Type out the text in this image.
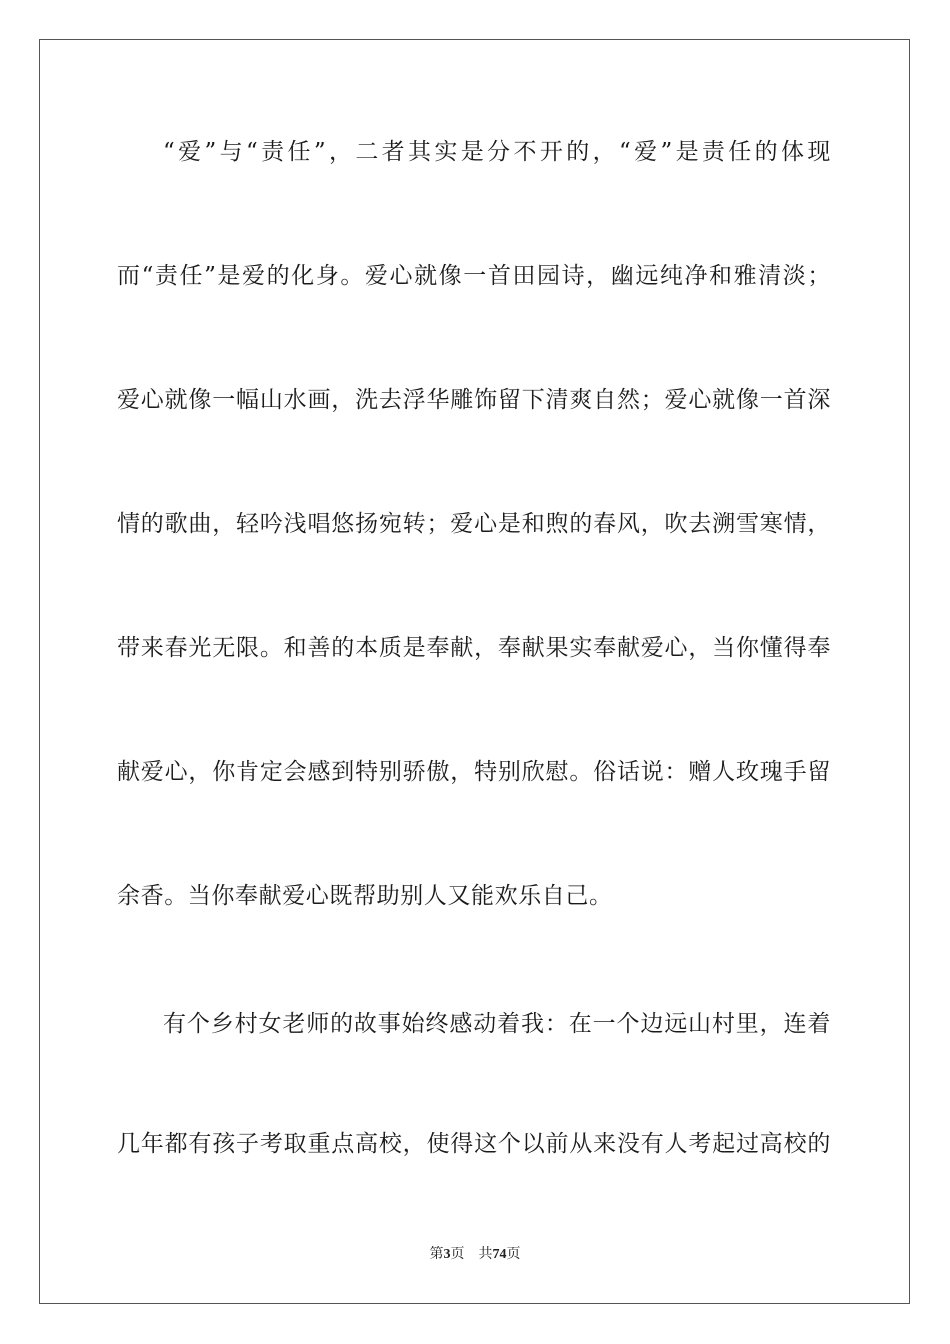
“爱”与“责任”，二者其实是分不开的，“爱”是责任的体现
而“责任”是爱的化身。爱心就像一首田园诗，幽远纯净和雅清淡；
爱心就像一幅山水画，洗去浮华雕饰留下清爽自然；爱心就像一首深
情的歌曲，轻吟浅唱悠扬宛转；爱心是和煦的春风，吹去溯雪寒情，
带来春光无限。和善的本质是奉献，奉献果实奉献爱心，当你懂得奉
献爱心，你肯定会感到特别骄傲，特别欣慰。俗话说：赠人玫瑰手留
余香。当你奉献爱心既帮助别人又能欢乐自己。
有个乡村女老师的故事始终感动着我：在一个边远山村里，连着
几年都有孩子考取重点高校，使得这个以前从来没有人考起过高校的
第3页 共74页
